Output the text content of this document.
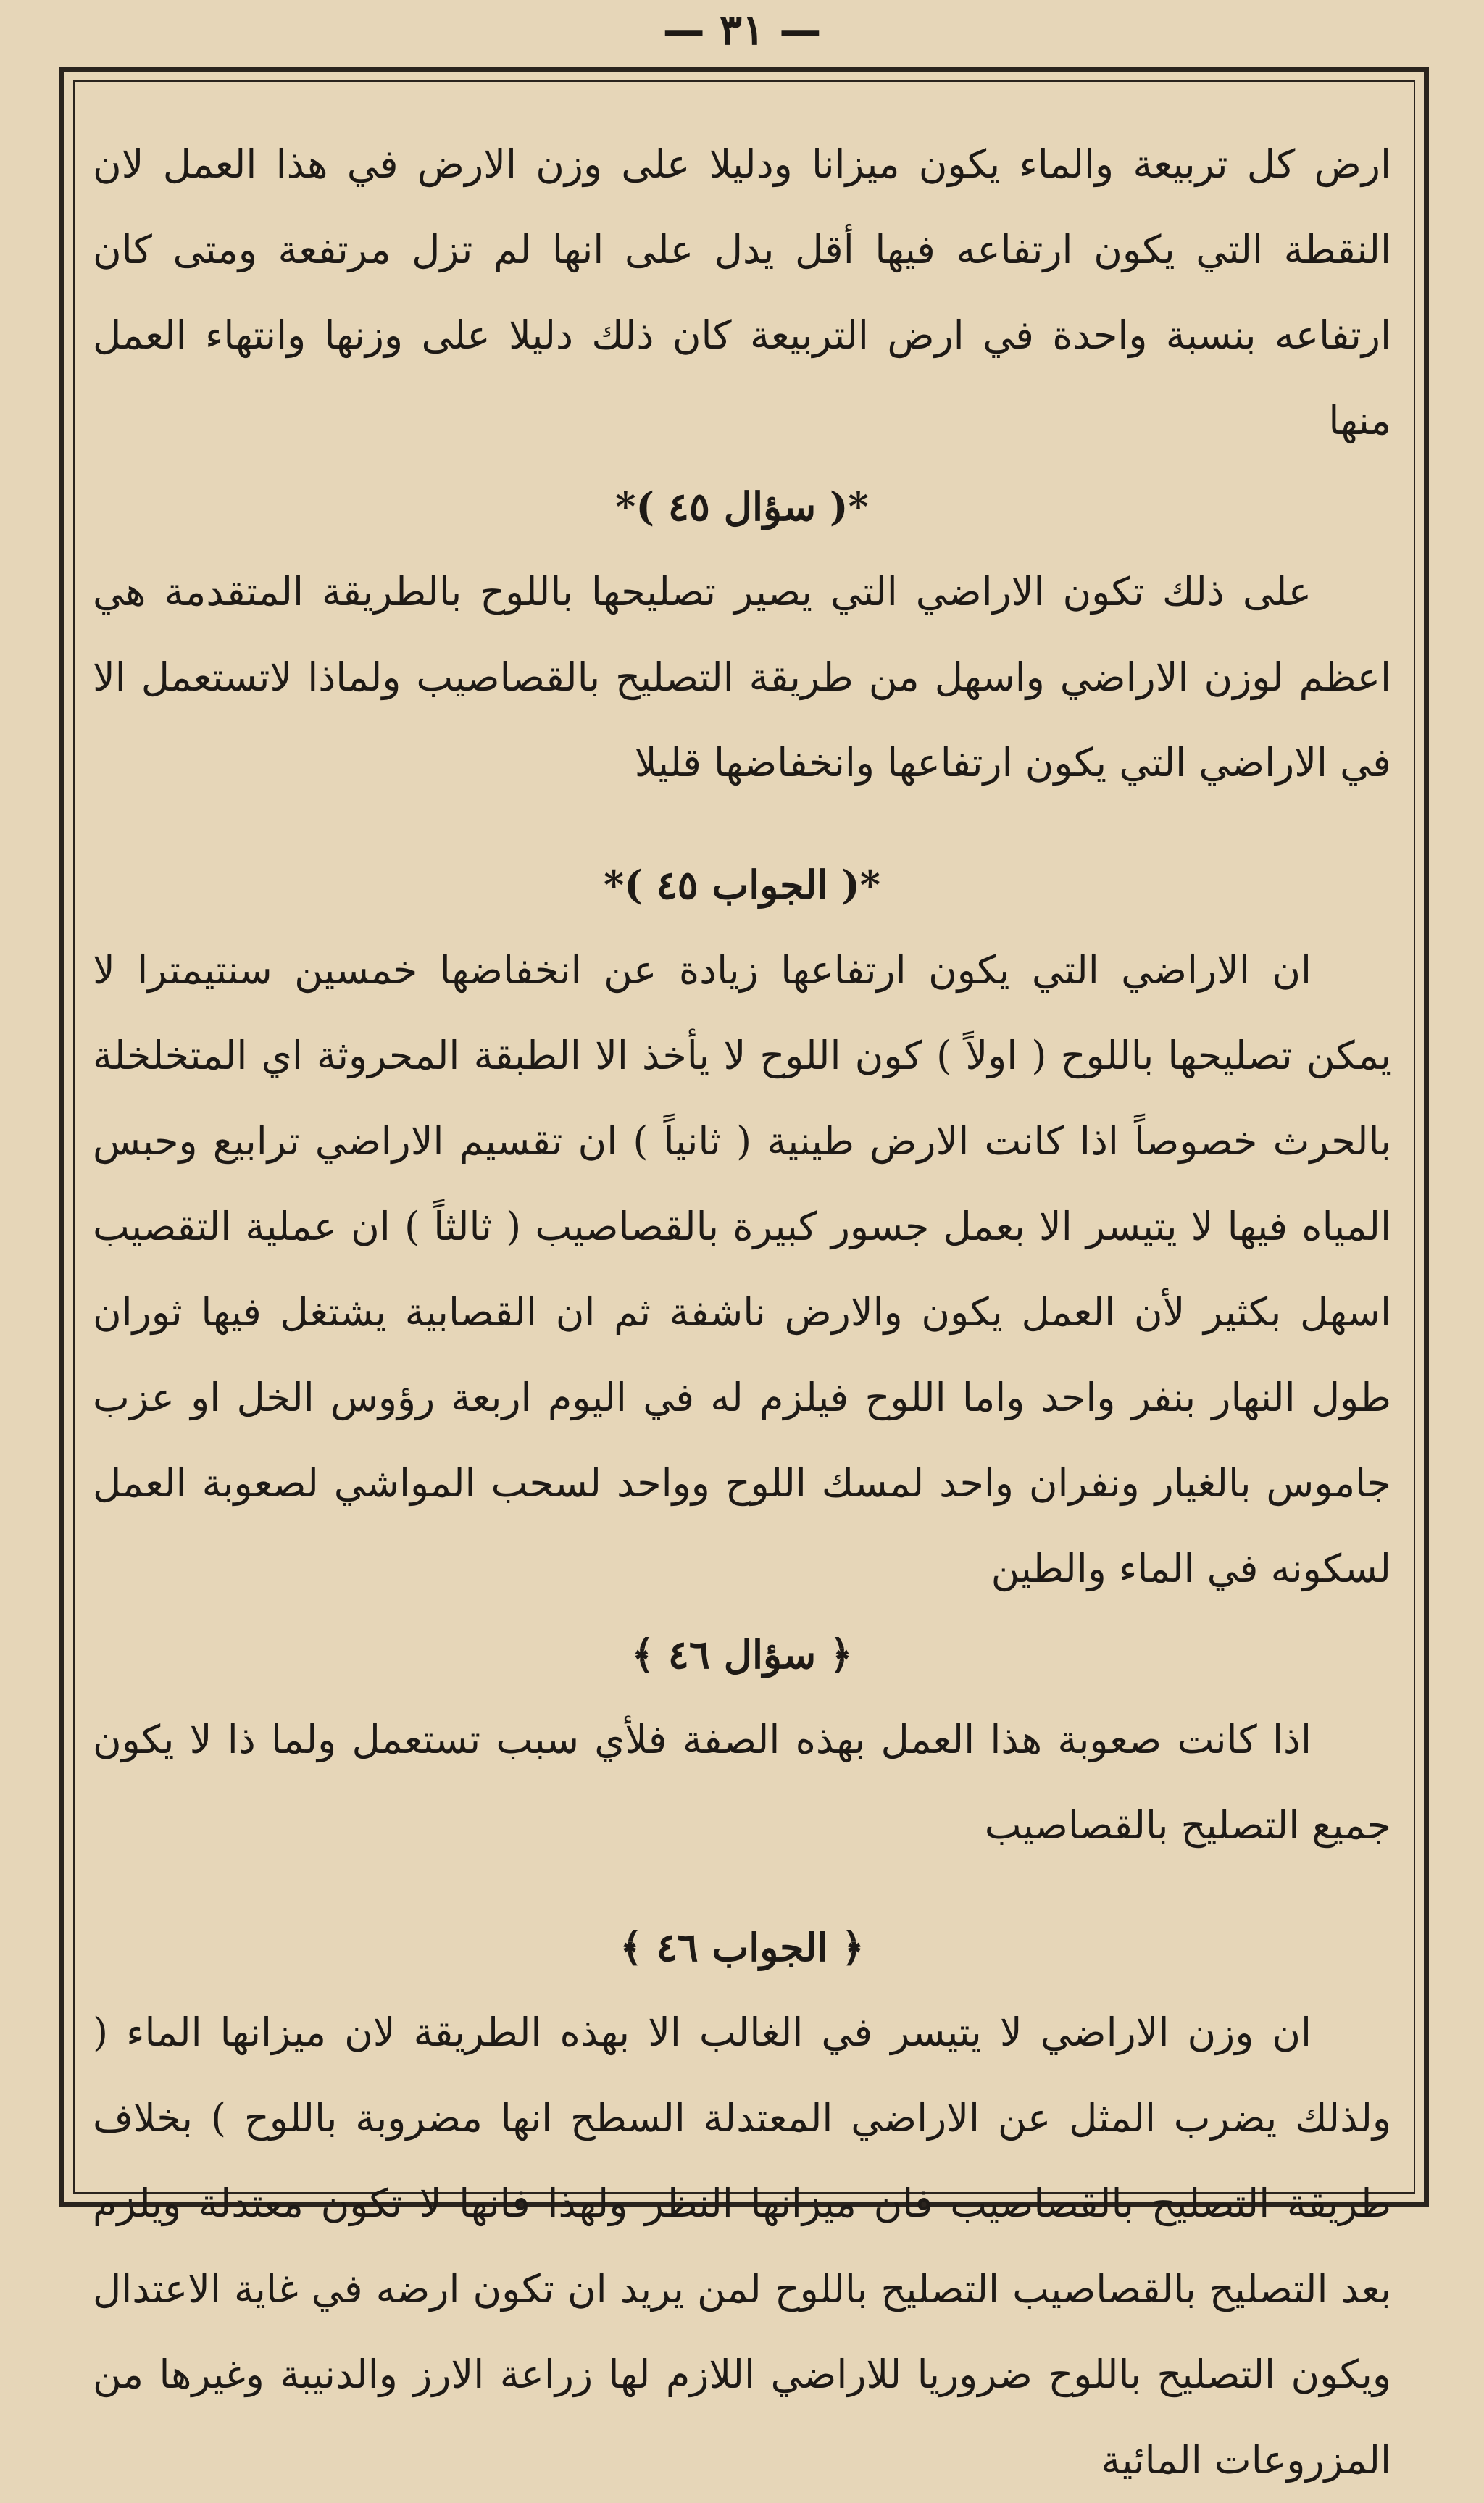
— ٣١ —

ارض كل تربيعة والماء يكون ميزانا ودليلا على وزن الارض في هذا العمل لان النقطة التي يكون ارتفاعه فيها أقل يدل على انها لم تزل مرتفعة ومتى كان ارتفاعه بنسبة واحدة في ارض التربيعة كان ذلك دليلا على وزنها وانتهاء العمل منها

*( سؤال ٤٥ )*

على ذلك تكون الاراضي التي يصير تصليحها باللوح بالطريقة المتقدمة هي اعظم لوزن الاراضي واسهل من طريقة التصليح بالقصاصيب ولماذا لاتستعمل الا في الاراضي التي يكون ارتفاعها وانخفاضها قليلا

*( الجواب ٤٥ )*

ان الاراضي التي يكون ارتفاعها زيادة عن انخفاضها خمسين سنتيمترا لا يمكن تصليحها باللوح ( اولاً ) كون اللوح لا يأخذ الا الطبقة المحروثة اي المتخلخلة بالحرث خصوصاً اذا كانت الارض طينية ( ثانياً ) ان تقسيم الاراضي ترابيع وحبس المياه فيها لا يتيسر الا بعمل جسور كبيرة بالقصاصيب ( ثالثاً ) ان عملية التقصيب اسهل بكثير لأن العمل يكون والارض ناشفة ثم ان القصابية يشتغل فيها ثوران طول النهار بنفر واحد واما اللوح فيلزم له في اليوم اربعة رؤوس الخل او عزب جاموس بالغيار ونفران واحد لمسك اللوح وواحد لسحب المواشي لصعوبة العمل لسكونه في الماء والطين

﴿ سؤال ٤٦ ﴾

اذا كانت صعوبة هذا العمل بهذه الصفة فلأي سبب تستعمل ولما ذا لا يكون جميع التصليح بالقصاصيب

﴿ الجواب ٤٦ ﴾

ان وزن الاراضي لا يتيسر في الغالب الا بهذه الطريقة لان ميزانها الماء ( ولذلك يضرب المثل عن الاراضي المعتدلة السطح انها مضروبة باللوح ) بخلاف طريقة التصليح بالقصاصيب فان ميزانها النظر ولهذا فانها لا تكون معتدلة ويلزم بعد التصليح بالقصاصيب التصليح باللوح لمن يريد ان تكون ارضه في غاية الاعتدال ويكون التصليح باللوح ضروريا للاراضي اللازم لها زراعة الارز والدنيبة وغيرها من المزروعات المائية
